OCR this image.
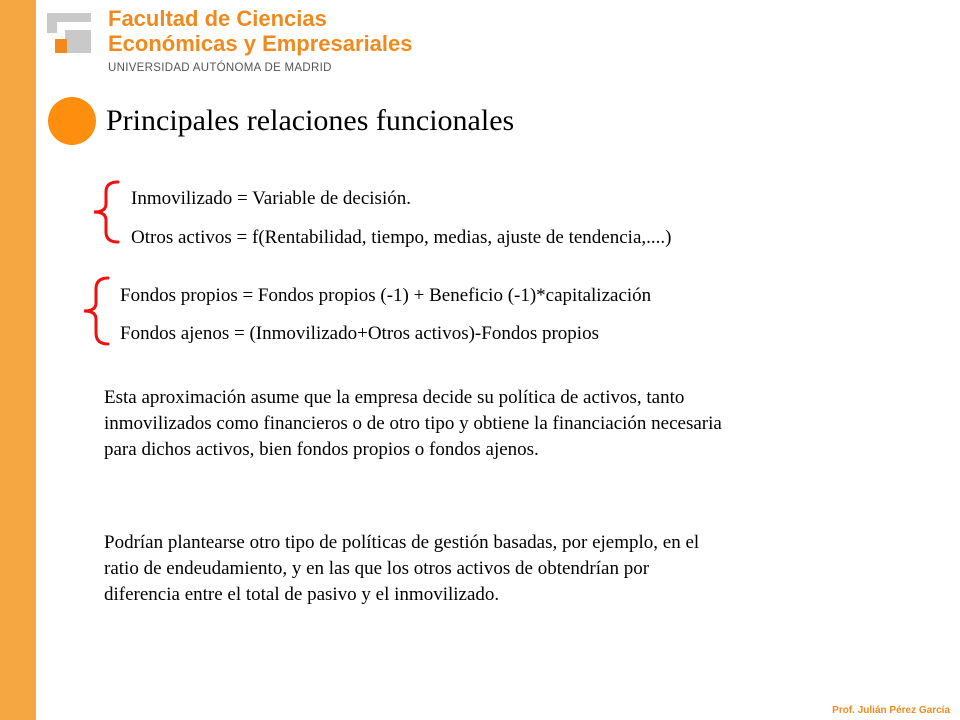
Facultad de Ciencias
Económicas y Empresariales
UNIVERSIDAD AUTÓNOMA DE MADRID
Principales relaciones funcionales
Inmovilizado = Variable de decisión.
Otros activos = f(Rentabilidad, tiempo, medias, ajuste de tendencia,....)
Fondos propios = Fondos propios (-1) + Beneficio (-1)*capitalización
Fondos ajenos = (Inmovilizado+Otros activos)-Fondos propios

Esta aproximación asume que la empresa decide su política de activos, tanto

inmovilizados como financieros o de otro tipo y obtiene la financiación necesaria

para dichos activos, bien fondos propios o fondos ajenos.

Podrían plantearse otro tipo de políticas de gestión basadas, por ejemplo, en el

ratio de endeudamiento, y en las que los otros activos de obtendrían por

diferencia entre el total de pasivo y el inmovilizado.

Prof. Julián Pérez García
